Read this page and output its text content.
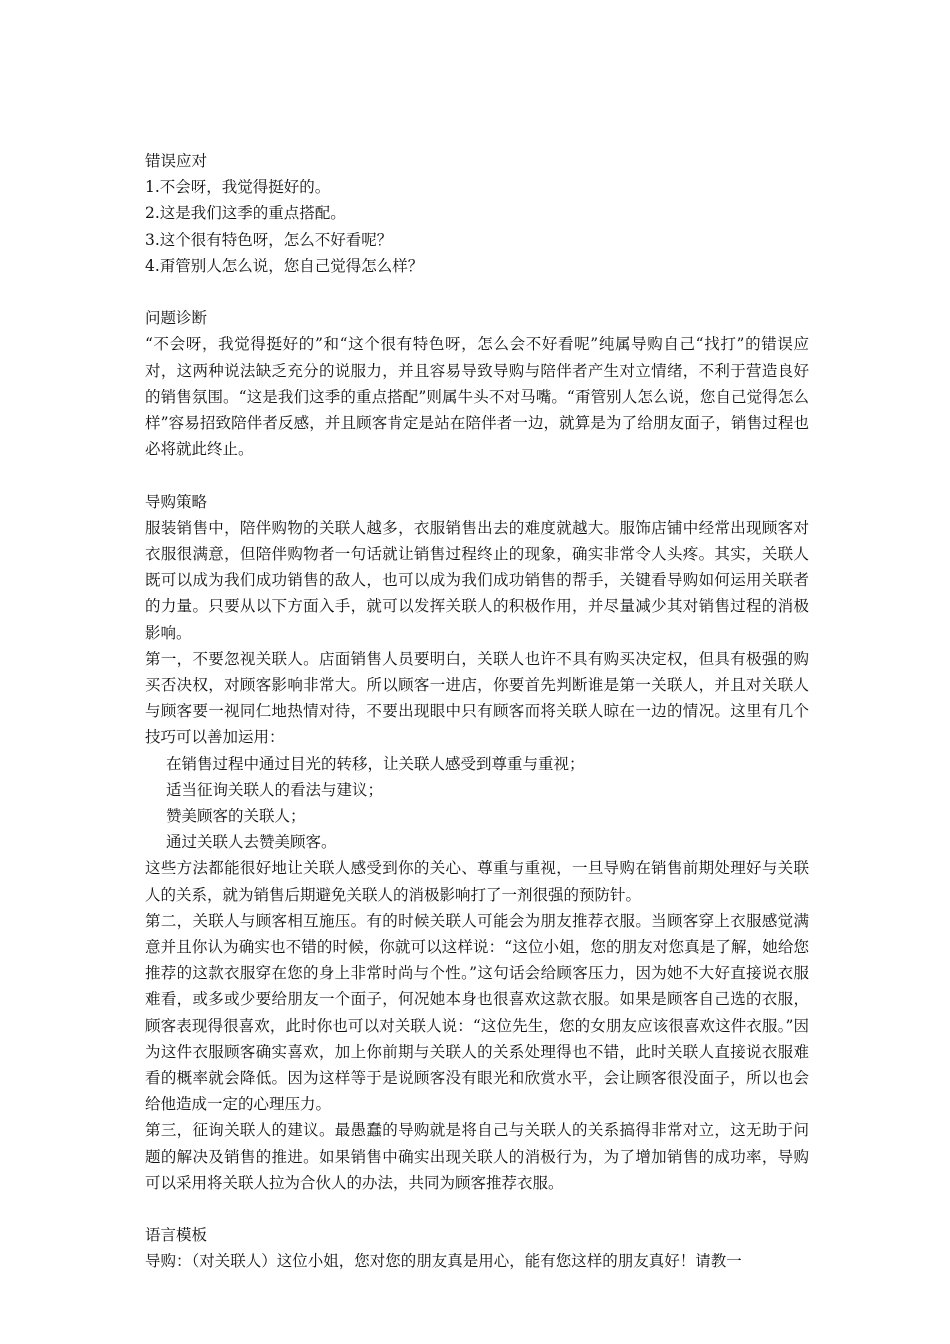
错误应对

1.不会呀，我觉得挺好的。

2.这是我们这季的重点搭配。

3.这个很有特色呀，怎么不好看呢？

4.甭管别人怎么说，您自己觉得怎么样？

问题诊断

“不会呀，我觉得挺好的”和“这个很有特色呀，怎么会不好看呢”纯属导购自己“找打”的错误应对，这两种说法缺乏充分的说服力，并且容易导致导购与陪伴者产生对立情绪，不利于营造良好的销售氛围。“这是我们这季的重点搭配”则属牛头不对马嘴。“甭管别人怎么说，您自己觉得怎么样”容易招致陪伴者反感，并且顾客肯定是站在陪伴者一边，就算是为了给朋友面子，销售过程也必将就此终止。

导购策略

服装销售中，陪伴购物的关联人越多，衣服销售出去的难度就越大。服饰店铺中经常出现顾客对衣服很满意，但陪伴购物者一句话就让销售过程终止的现象，确实非常令人头疼。其实，关联人既可以成为我们成功销售的敌人，也可以成为我们成功销售的帮手，关键看导购如何运用关联者的力量。只要从以下方面入手，就可以发挥关联人的积极作用，并尽量减少其对销售过程的消极影响。

第一，不要忽视关联人。店面销售人员要明白，关联人也许不具有购买决定权，但具有极强的购买否决权，对顾客影响非常大。所以顾客一进店，你要首先判断谁是第一关联人，并且对关联人与顾客要一视同仁地热情对待，不要出现眼中只有顾客而将关联人晾在一边的情况。这里有几个技巧可以善加运用：

在销售过程中通过目光的转移，让关联人感受到尊重与重视；

适当征询关联人的看法与建议；

赞美顾客的关联人；

通过关联人去赞美顾客。

这些方法都能很好地让关联人感受到你的关心、尊重与重视，一旦导购在销售前期处理好与关联人的关系，就为销售后期避免关联人的消极影响打了一剂很强的预防针。

第二，关联人与顾客相互施压。有的时候关联人可能会为朋友推荐衣服。当顾客穿上衣服感觉满意并且你认为确实也不错的时候，你就可以这样说：“这位小姐，您的朋友对您真是了解，她给您推荐的这款衣服穿在您的身上非常时尚与个性。”这句话会给顾客压力，因为她不大好直接说衣服难看，或多或少要给朋友一个面子，何况她本身也很喜欢这款衣服。如果是顾客自己选的衣服，顾客表现得很喜欢，此时你也可以对关联人说：“这位先生，您的女朋友应该很喜欢这件衣服。”因为这件衣服顾客确实喜欢，加上你前期与关联人的关系处理得也不错，此时关联人直接说衣服难看的概率就会降低。因为这样等于是说顾客没有眼光和欣赏水平，会让顾客很没面子，所以也会给他造成一定的心理压力。

第三，征询关联人的建议。最愚蠢的导购就是将自己与关联人的关系搞得非常对立，这无助于问题的解决及销售的推进。如果销售中确实出现关联人的消极行为，为了增加销售的成功率，导购可以采用将关联人拉为合伙人的办法，共同为顾客推荐衣服。

语言模板

导购：（对关联人）这位小姐，您对您的朋友真是用心，能有您这样的朋友真好！请教一
